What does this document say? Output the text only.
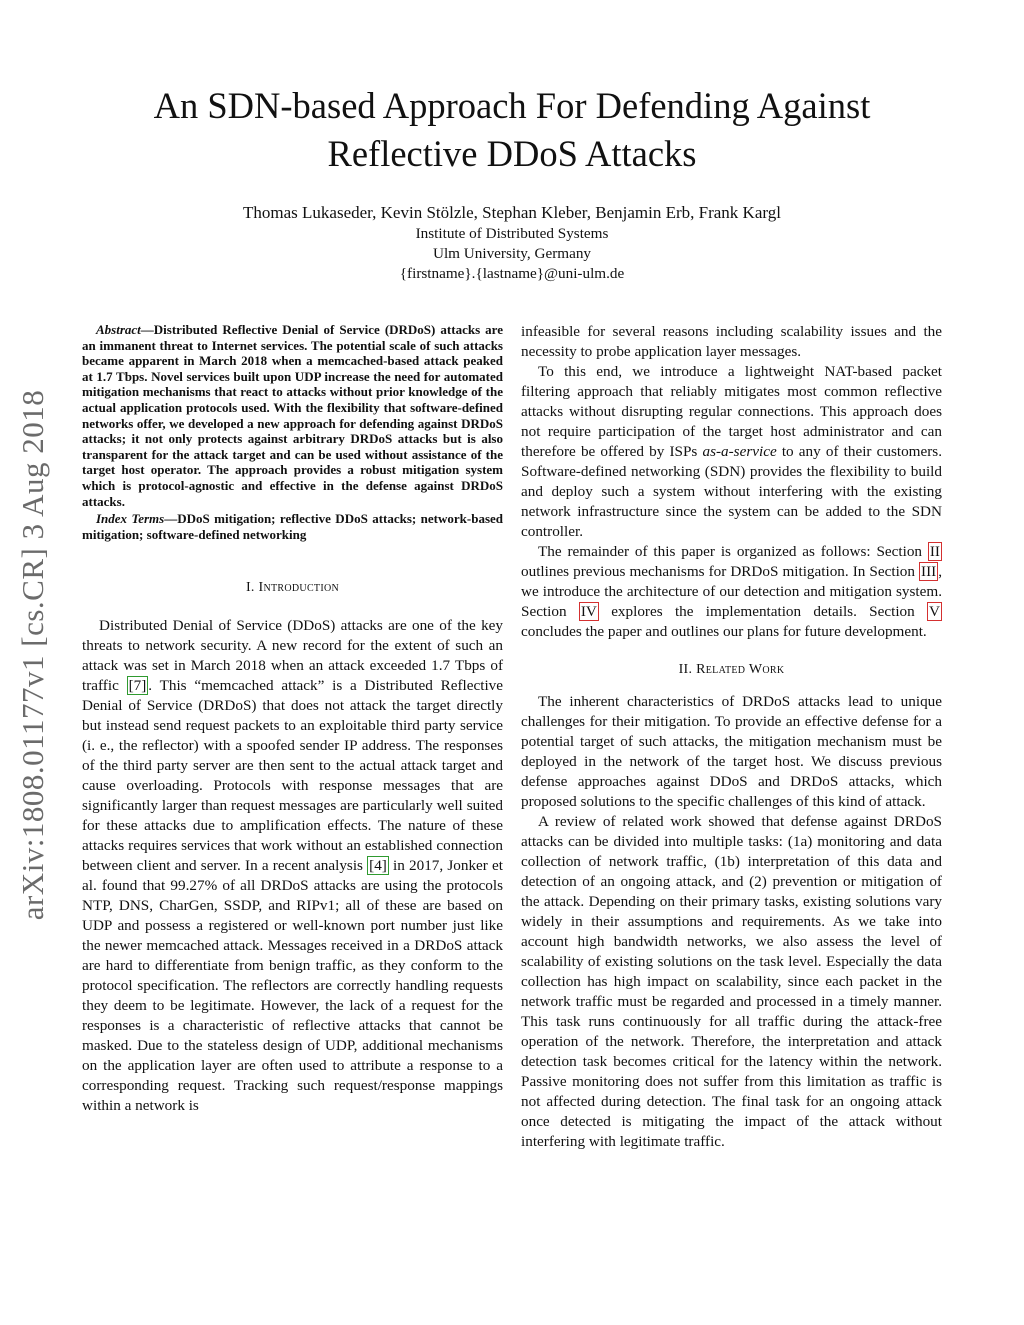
arXiv:1808.01177v1 [cs.CR] 3 Aug 2018
An SDN-based Approach For Defending Against
Reflective DDoS Attacks
Thomas Lukaseder, Kevin Stölzle, Stephan Kleber, Benjamin Erb, Frank Kargl
Institute of Distributed Systems
Ulm University, Germany
{firstname}.{lastname}@uni-ulm.de

Abstract—Distributed Reflective Denial of Service (DRDoS) attacks are an immanent threat to Internet services. The potential scale of such attacks became apparent in March 2018 when a memcached-based attack peaked at 1.7 Tbps. Novel services built upon UDP increase the need for automated mitigation mechanisms that react to attacks without prior knowledge of the actual application protocols used. With the flexibility that software-defined networks offer, we developed a new approach for defending against DRDoS attacks; it not only protects against arbitrary DRDoS attacks but is also transparent for the attack target and can be used without assistance of the target host operator. The approach provides a robust mitigation system which is protocol-agnostic and effective in the defense against DRDoS attacks.

Index Terms—DDoS mitigation; reflective DDoS attacks; network-based mitigation; software-defined networking

I. Introduction

Distributed Denial of Service (DDoS) attacks are one of the key threats to network security. A new record for the extent of such an attack was set in March 2018 when an attack exceeded 1.7 Tbps of traffic [7] . This “memcached attack” is a Distributed Reflective Denial of Service (DRDoS) that does not attack the target directly but instead send request packets to an exploitable third party service (i. e., the reflector) with a spoofed sender IP address. The responses of the third party server are then sent to the actual attack target and cause overloading. Protocols with response messages that are significantly larger than request messages are particularly well suited for these attacks due to amplification effects. The nature of these attacks requires services that work without an established connection between client and server. In a recent analysis [4] in 2017, Jonker et al. found that 99.27% of all DRDoS attacks are using the protocols NTP, DNS, CharGen, SSDP, and RIPv1; all of these are based on UDP and possess a registered or well-known port number just like the newer memcached attack. Messages received in a DRDoS attack are hard to differentiate from benign traffic, as they conform to the protocol specification. The reflectors are correctly handling requests they deem to be legitimate. However, the lack of a request for the responses is a characteristic of reflective attacks that cannot be masked. Due to the stateless design of UDP, additional mechanisms on the application layer are often used to attribute a response to a corresponding request. Tracking such request/response mappings within a network is

infeasible for several reasons including scalability issues and the necessity to probe application layer messages.

To this end, we introduce a lightweight NAT-based packet filtering approach that reliably mitigates most common reflective attacks without disrupting regular connections. This approach does not require participation of the target host administrator and can therefore be offered by ISPs as-a-service to any of their customers. Software-defined networking (SDN) provides the flexibility to build and deploy such a system without interfering with the existing network infrastructure since the system can be added to the SDN controller.

The remainder of this paper is organized as follows: Section II outlines previous mechanisms for DRDoS mitigation. In Section III , we introduce the architecture of our detection and mitigation system. Section IV explores the implementation details. Section V concludes the paper and outlines our plans for future development.

II. Related Work

The inherent characteristics of DRDoS attacks lead to unique challenges for their mitigation. To provide an effective defense for a potential target of such attacks, the mitigation mechanism must be deployed in the network of the target host. We discuss previous defense approaches against DDoS and DRDoS attacks, which proposed solutions to the specific challenges of this kind of attack.

A review of related work showed that defense against DRDoS attacks can be divided into multiple tasks: (1a) monitoring and data collection of network traffic, (1b) interpretation of this data and detection of an ongoing attack, and (2) prevention or mitigation of the attack. Depending on their primary tasks, existing solutions vary widely in their assumptions and requirements. As we take into account high bandwidth networks, we also assess the level of scalability of existing solutions on the task level. Especially the data collection has high impact on scalability, since each packet in the network traffic must be regarded and processed in a timely manner. This task runs continuously for all traffic during the attack-free operation of the network. Therefore, the interpretation and attack detection task becomes critical for the latency within the network. Passive monitoring does not suffer from this limitation as traffic is not affected during detection. The final task for an ongoing attack once detected is mitigating the impact of the attack without interfering with legitimate traffic.
